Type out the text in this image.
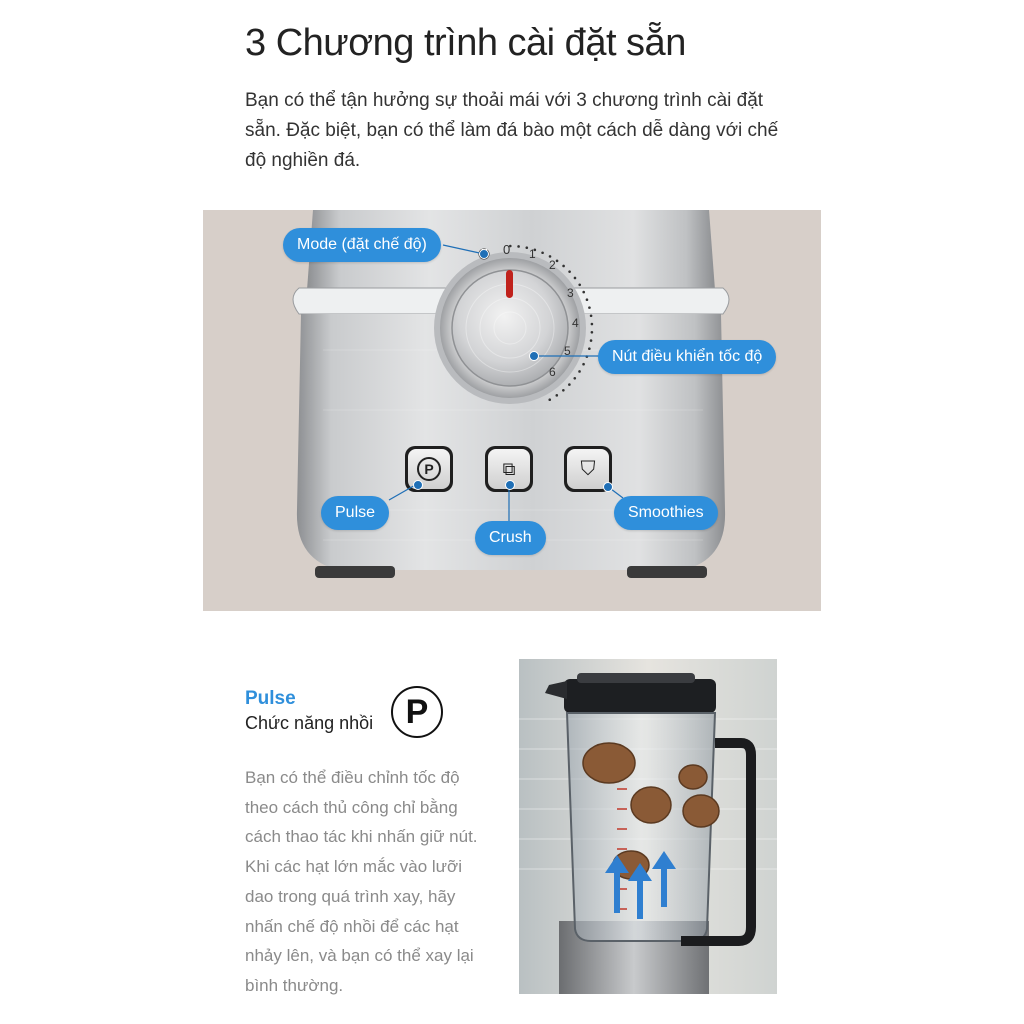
3 Chương trình cài đặt sẵn
Bạn có thể tận hưởng sự thoải mái với 3 chương trình cài đặt sẵn. Đặc biệt, bạn có thể làm đá bào một cách dễ dàng với chế độ nghiền đá.
0 1
2
3
4
5
6
P	⧉	⛉
Mode (đặt chế độ)
Nút điều khiển tốc độ
Pulse
Crush
Smoothies
Pulse
Chức năng nhồi P
Bạn có thể điều chỉnh tốc độ theo cách thủ công chỉ bằng cách thao tác khi nhấn giữ nút. Khi các hạt lớn mắc vào lưỡi dao trong quá trình xay, hãy nhấn chế độ nhồi để các hạt nhảy lên, và bạn có thể xay lại bình thường.
